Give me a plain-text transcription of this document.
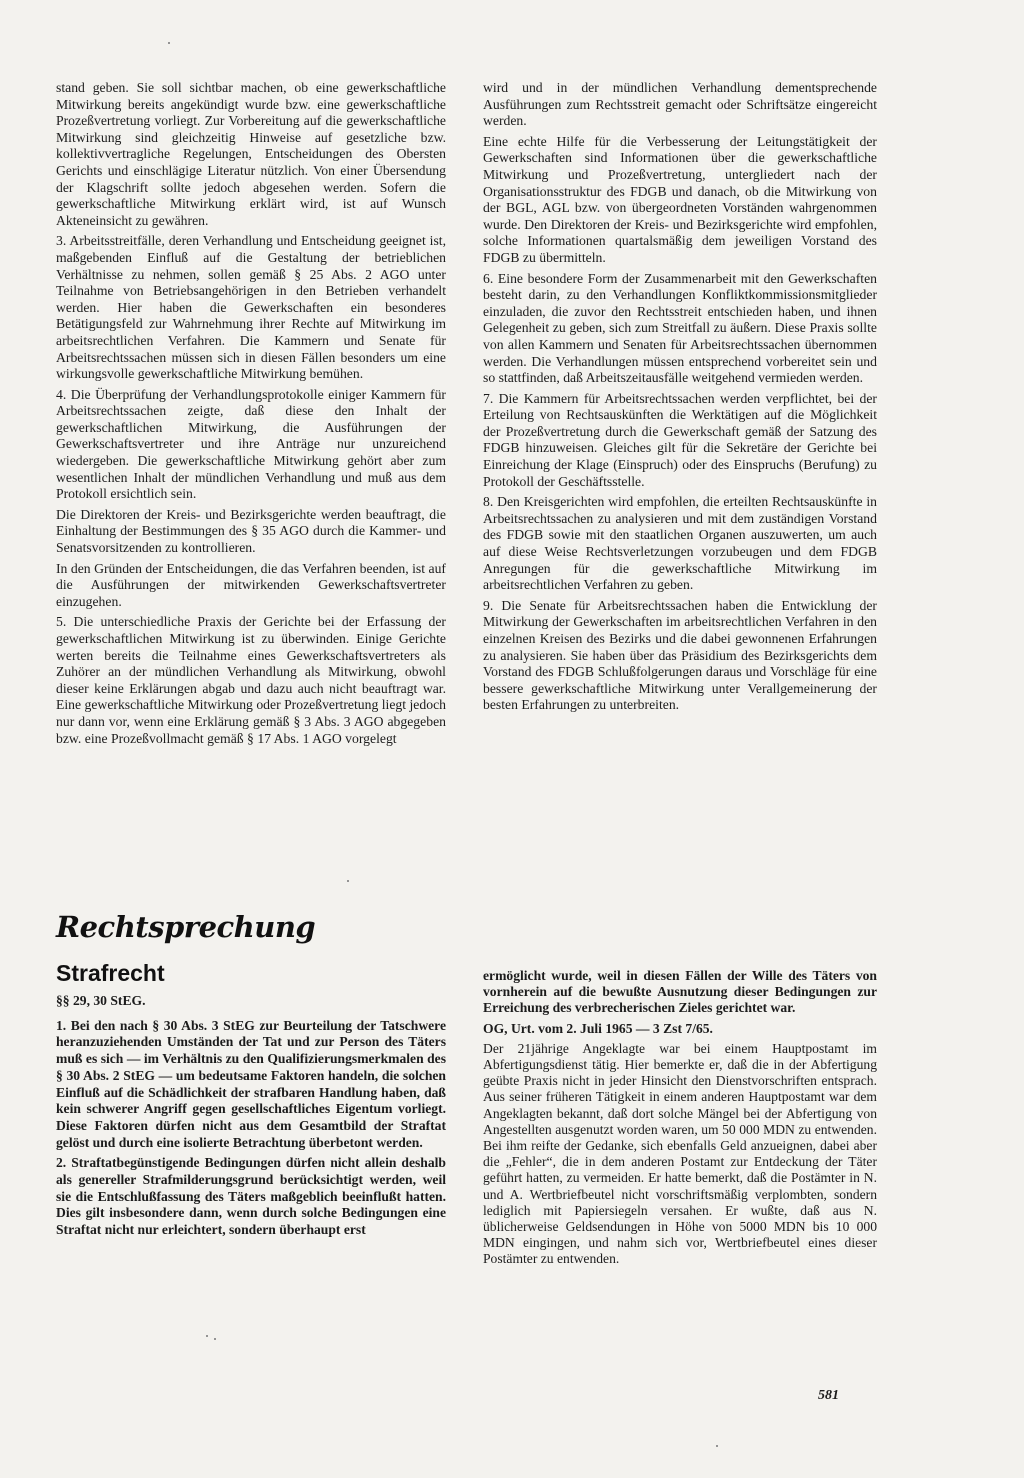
stand geben. Sie soll sichtbar machen, ob eine gewerkschaftliche Mitwirkung bereits angekündigt wurde bzw. eine gewerkschaftliche Prozeßvertretung vorliegt. Zur Vorbereitung auf die gewerkschaftliche Mitwirkung sind gleichzeitig Hinweise auf gesetzliche bzw. kollektivvertragliche Regelungen, Entscheidungen des Obersten Gerichts und einschlägige Literatur nützlich. Von einer Übersendung der Klagschrift sollte jedoch abgesehen werden. Sofern die gewerkschaftliche Mitwirkung erklärt wird, ist auf Wunsch Akteneinsicht zu gewähren.

3. Arbeitsstreitfälle, deren Verhandlung und Entscheidung geeignet ist, maßgebenden Einfluß auf die Gestaltung der betrieblichen Verhältnisse zu nehmen, sollen gemäß § 25 Abs. 2 AGO unter Teilnahme von Betriebsangehörigen in den Betrieben verhandelt werden. Hier haben die Gewerkschaften ein besonderes Betätigungsfeld zur Wahrnehmung ihrer Rechte auf Mitwirkung im arbeitsrechtlichen Verfahren. Die Kammern und Senate für Arbeitsrechtssachen müssen sich in diesen Fällen besonders um eine wirkungsvolle gewerkschaftliche Mitwirkung bemühen.

4. Die Überprüfung der Verhandlungsprotokolle einiger Kammern für Arbeitsrechtssachen zeigte, daß diese den Inhalt der gewerkschaftlichen Mitwirkung, die Ausführungen der Gewerkschaftsvertreter und ihre Anträge nur unzureichend wiedergeben. Die gewerkschaftliche Mitwirkung gehört aber zum wesentlichen Inhalt der mündlichen Verhandlung und muß aus dem Protokoll ersichtlich sein.

Die Direktoren der Kreis- und Bezirksgerichte werden beauftragt, die Einhaltung der Bestimmungen des § 35 AGO durch die Kammer- und Senatsvorsitzenden zu kontrollieren.

In den Gründen der Entscheidungen, die das Verfahren beenden, ist auf die Ausführungen der mitwirkenden Gewerkschaftsvertreter einzugehen.

5. Die unterschiedliche Praxis der Gerichte bei der Erfassung der gewerkschaftlichen Mitwirkung ist zu überwinden. Einige Gerichte werten bereits die Teilnahme eines Gewerkschaftsvertreters als Zuhörer an der mündlichen Verhandlung als Mitwirkung, obwohl dieser keine Erklärungen abgab und dazu auch nicht beauftragt war. Eine gewerkschaftliche Mitwirkung oder Prozeßvertretung liegt jedoch nur dann vor, wenn eine Erklärung gemäß § 3 Abs. 3 AGO abgegeben bzw. eine Prozeßvollmacht gemäß § 17 Abs. 1 AGO vorgelegt

wird und in der mündlichen Verhandlung dementsprechende Ausführungen zum Rechtsstreit gemacht oder Schriftsätze eingereicht werden.

Eine echte Hilfe für die Verbesserung der Leitungstätigkeit der Gewerkschaften sind Informationen über die gewerkschaftliche Mitwirkung und Prozeßvertretung, untergliedert nach der Organisationsstruktur des FDGB und danach, ob die Mitwirkung von der BGL, AGL bzw. von übergeordneten Vorständen wahrgenommen wurde. Den Direktoren der Kreis- und Bezirksgerichte wird empfohlen, solche Informationen quartalsmäßig dem jeweiligen Vorstand des FDGB zu übermitteln.

6. Eine besondere Form der Zusammenarbeit mit den Gewerkschaften besteht darin, zu den Verhandlungen Konfliktkommissionsmitglieder einzuladen, die zuvor den Rechtsstreit entschieden haben, und ihnen Gelegenheit zu geben, sich zum Streitfall zu äußern. Diese Praxis sollte von allen Kammern und Senaten für Arbeitsrechtssachen übernommen werden. Die Verhandlungen müssen entsprechend vorbereitet sein und so stattfinden, daß Arbeitszeitausfälle weitgehend vermieden werden.

7. Die Kammern für Arbeitsrechtssachen werden verpflichtet, bei der Erteilung von Rechtsauskünften die Werktätigen auf die Möglichkeit der Prozeßvertretung durch die Gewerkschaft gemäß der Satzung des FDGB hinzuweisen. Gleiches gilt für die Sekretäre der Gerichte bei Einreichung der Klage (Einspruch) oder des Einspruchs (Berufung) zu Protokoll der Geschäftsstelle.

8. Den Kreisgerichten wird empfohlen, die erteilten Rechtsauskünfte in Arbeitsrechtssachen zu analysieren und mit dem zuständigen Vorstand des FDGB sowie mit den staatlichen Organen auszuwerten, um auch auf diese Weise Rechtsverletzungen vorzubeugen und dem FDGB Anregungen für die gewerkschaftliche Mitwirkung im arbeitsrechtlichen Verfahren zu geben.

9. Die Senate für Arbeitsrechtssachen haben die Entwicklung der Mitwirkung der Gewerkschaften im arbeitsrechtlichen Verfahren in den einzelnen Kreisen des Bezirks und die dabei gewonnenen Erfahrungen zu analysieren. Sie haben über das Präsidium des Bezirksgerichts dem Vorstand des FDGB Schlußfolgerungen daraus und Vorschläge für eine bessere gewerkschaftliche Mitwirkung unter Verallgemeinerung der besten Erfahrungen zu unterbreiten.

Rechtsprechung
Strafrecht

§§ 29, 30 StEG.

1. Bei den nach § 30 Abs. 3 StEG zur Beurteilung der Tatschwere heranzuziehenden Umständen der Tat und zur Person des Täters muß es sich — im Verhältnis zu den Qualifizierungsmerkmalen des § 30 Abs. 2 StEG — um bedeutsame Faktoren handeln, die solchen Einfluß auf die Schädlichkeit der strafbaren Handlung haben, daß kein schwerer Angriff gegen gesellschaftliches Eigentum vorliegt. Diese Faktoren dürfen nicht aus dem Gesamtbild der Straftat gelöst und durch eine isolierte Betrachtung überbetont werden.

2. Straftatbegünstigende Bedingungen dürfen nicht allein deshalb als genereller Strafmilderungsgrund berücksichtigt werden, weil sie die Entschlußfassung des Täters maßgeblich beeinflußt hatten. Dies gilt insbesondere dann, wenn durch solche Bedingungen eine Straftat nicht nur erleichtert, sondern überhaupt erst

ermöglicht wurde, weil in diesen Fällen der Wille des Täters von vornherein auf die bewußte Ausnutzung dieser Bedingungen zur Erreichung des verbrecherischen Zieles gerichtet war.

OG, Urt. vom 2. Juli 1965 — 3 Zst 7/65.

Der 21jährige Angeklagte war bei einem Hauptpostamt im Abfertigungsdienst tätig. Hier bemerkte er, daß die in der Abfertigung geübte Praxis nicht in jeder Hinsicht den Dienstvorschriften entsprach. Aus seiner früheren Tätigkeit in einem anderen Hauptpostamt war dem Angeklagten bekannt, daß dort solche Mängel bei der Abfertigung von Angestellten ausgenutzt worden waren, um 50 000 MDN zu entwenden. Bei ihm reifte der Gedanke, sich ebenfalls Geld anzueignen, dabei aber die „Fehler“, die in dem anderen Postamt zur Entdeckung der Täter geführt hatten, zu vermeiden. Er hatte bemerkt, daß die Postämter in N. und A. Wertbriefbeutel nicht vorschriftsmäßig verplombten, sondern lediglich mit Papiersiegeln versahen. Er wußte, daß aus N. üblicherweise Geldsendungen in Höhe von 5000 MDN bis 10 000 MDN eingingen, und nahm sich vor, Wertbriefbeutel eines dieser Postämter zu entwenden.

581
